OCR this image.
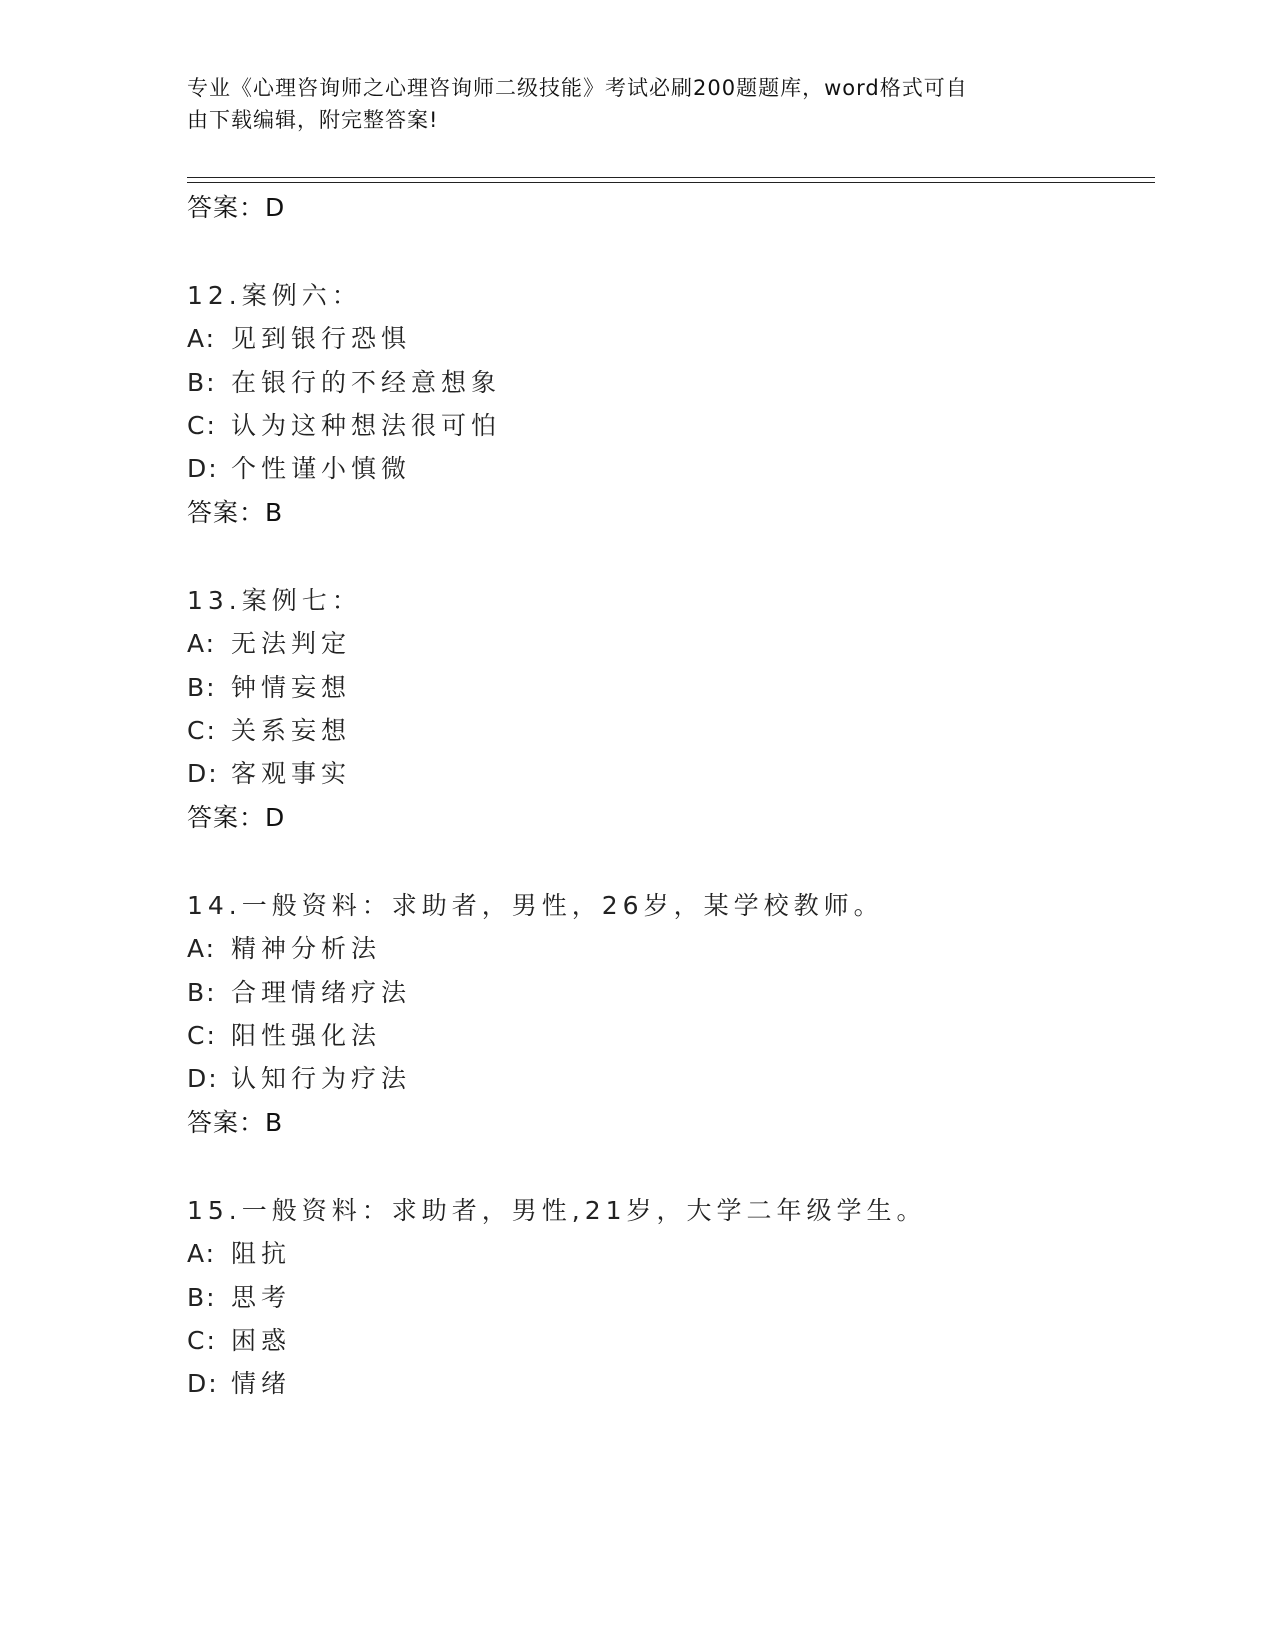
专业《心理咨询师之心理咨询师二级技能》考试必刷200题题库，word格式可自
由下载编辑，附完整答案!
答案：D
12.案例六：
A: 见到银行恐惧
B: 在银行的不经意想象
C: 认为这种想法很可怕
D: 个性谨小慎微
答案：B
13.案例七：
A: 无法判定
B: 钟情妄想
C: 关系妄想
D: 客观事实
答案：D
14.一般资料：求助者，男性，26岁，某学校教师。
A: 精神分析法
B: 合理情绪疗法
C: 阳性强化法
D: 认知行为疗法
答案：B
15.一般资料：求助者，男性,21岁，大学二年级学生。
A: 阻抗
B: 思考
C: 困惑
D: 情绪
